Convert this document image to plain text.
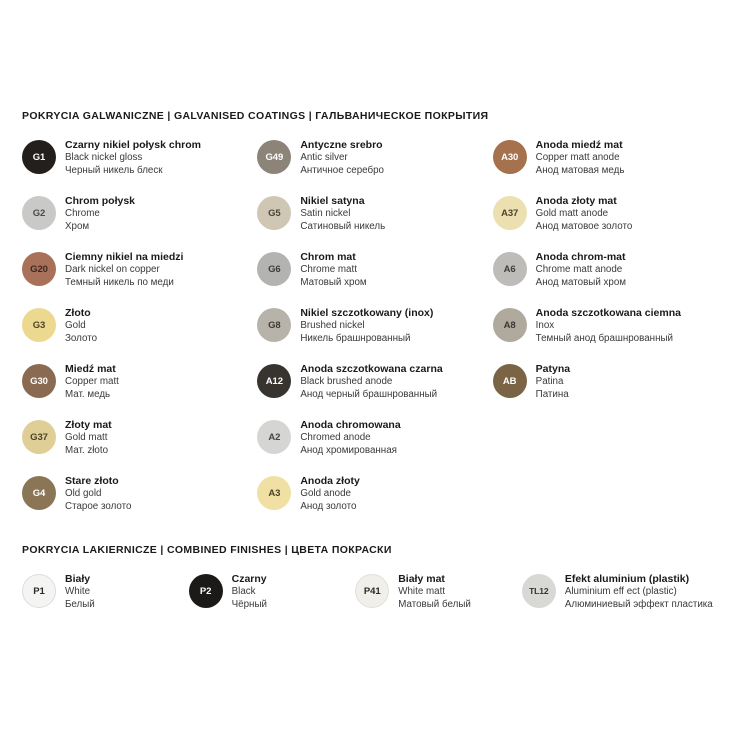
POKRYCIA GALWANICZNE | GALVANISED COATINGS | ГАЛЬВАНИЧЕСКОЕ ПОКРЫТИЯ
G1
Czarny nikiel połysk chrom
Black nickel gloss
Черный никель блеск
G2
Chrom połysk
Chrome
Хром
G20
Ciemny nikiel na miedzi
Dark nickel on copper
Темный никель по меди
G3
Złoto
Gold
Золото
G30
Miedź mat
Copper matt
Мат. медь
G37
Złoty mat
Gold matt
Мат. złoto
G4
Stare złoto
Old gold
Старое золото
G49
Antyczne srebro
Antic silver
Античное серебро
G5
Nikiel satyna
Satin nickel
Сатиновый никель
G6
Chrom mat
Chrome matt
Матовый хром
G8
Nikiel szczotkowany (inox)
Brushed nickel
Никель брашнрованный
A12
Anoda szczotkowana czarna
Black brushed anode
Анод черный брашнрованный
A2
Anoda chromowana
Chromed anode
Анод хромированная
A3
Anoda złoty
Gold anode
Анод золото
A30
Anoda miedź mat
Copper matt anode
Анод матовая медь
A37
Anoda złoty mat
Gold matt anode
Анод матовое золото
A6
Anoda chrom-mat
Chrome matt anode
Анод матовый хром
A8
Anoda szczotkowana ciemna
Inox
Темный анод брашнрованный
AB
Patyna
Patina
Патина
POKRYCIA LAKIERNICZE | COMBINED FINISHES | ЦВЕТА ПОКРАСКИ
P1
Biały
White
Белый
P2
Czarny
Black
Чёрный
P41
Biały mat
White matt
Матовый белый
TL12
Efekt aluminium (plastik)
Aluminium eff ect (plastic)
Алюминиевый эффект пластика
